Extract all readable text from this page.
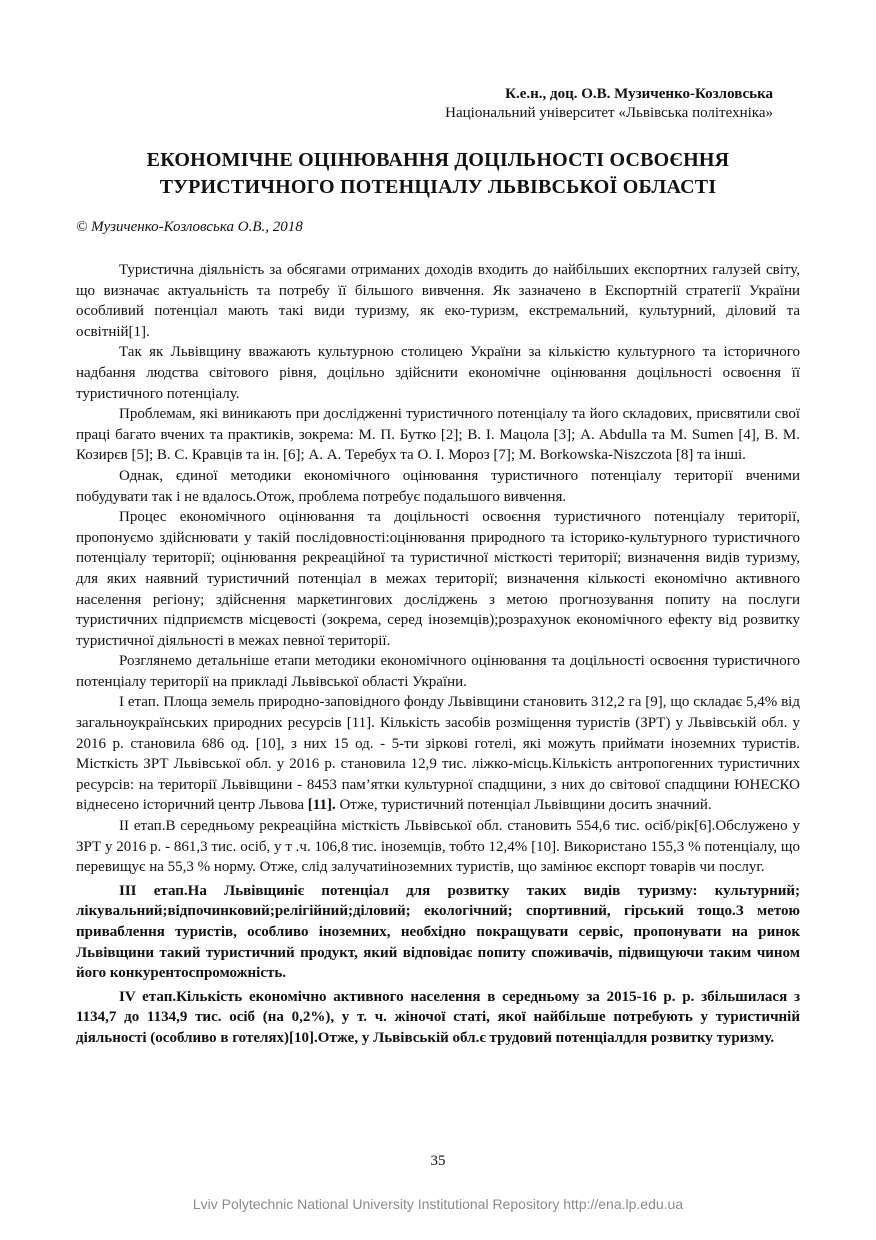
К.е.н., доц. О.В. Музиченко-Козловська
Національний університет «Львівська політехніка»
ЕКОНОМІЧНЕ ОЦІНЮВАННЯ ДОЦІЛЬНОСТІ ОСВОЄННЯ
ТУРИСТИЧНОГО ПОТЕНЦІАЛУ ЛЬВІВСЬКОЇ ОБЛАСТІ
© Музиченко-Козловська О.В., 2018

Туристична діяльність за обсягами отриманих доходів входить до найбільших експортних галузей світу, що визначає актуальність та потребу її більшого вивчення. Як зазначено в Експортній стратегії України особливий потенціал мають такі види туризму, як еко-туризм, екстремальний, культурний, діловий та освітній[1].

Так як Львівщину вважають культурною столицею України за кількістю культурного та історичного надбання людства світового рівня, доцільно здійснити економічне оцінювання доцільності освоєння її туристичного потенціалу.

Проблемам, які виникають при дослідженні туристичного потенціалу та його складових, присвятили свої праці багато вчених та практиків, зокрема: М. П. Бутко [2]; В. І. Мацола [3]; A. Abdulla та M. Sumen [4], В. М. Козирєв [5]; В. С. Кравців та ін. [6]; А. А. Теребух та О. І. Мороз [7]; M. Borkowska-Niszczota [8] та інші.

Однак, єдиної методики економічного оцінювання туристичного потенціалу території вченими побудувати так і не вдалось.Отож, проблема потребує подальшого вивчення.

Процес економічного оцінювання та доцільності освоєння туристичного потенціалу території, пропонуємо здійснювати у такій послідовності:оцінювання природного та історико-культурного туристичного потенціалу території; оцінювання рекреаційної та туристичної місткості території; визначення видів туризму, для яких наявний туристичний потенціал в межах території; визначення кількості економічно активного населення регіону; здійснення маркетингових досліджень з метою прогнозування попиту на послуги туристичних підприємств місцевості (зокрема, серед іноземців);розрахунок економічного ефекту від розвитку туристичної діяльності в межах певної території.

Розглянемо детальніше етапи методики економічного оцінювання та доцільності освоєння туристичного потенціалу території на прикладі Львівської області України.

І етап. Площа земель природно-заповідного фонду Львівщини становить 312,2 га [9], що складає 5,4% від загальноукраїнських природних ресурсів [11]. Кількість засобів розміщення туристів (ЗРТ) у Львівській обл. у 2016 р. становила 686 од. [10], з них 15 од. - 5-ти зіркові готелі, які можуть приймати іноземних туристів. Місткість ЗРТ Львівської обл. у 2016 р. становила 12,9 тис. ліжко-місць.Кількість антропогенних туристичних ресурсів: на території Львівщини - 8453 пам’ятки культурної спадщини, з них до світової спадщини ЮНЕСКО віднесено історичний центр Львова [11]. Отже, туристичний потенціал Львівщини досить значний.

II етап.В середньому рекреаційна місткість Львівської обл. становить 554,6 тис. осіб/рік[6].Обслужено у ЗРТ у 2016 р. - 861,3 тис. осіб, у т .ч. 106,8 тис. іноземців, тобто 12,4% [10]. Використано 155,3 % потенціалу, що перевищує на 55,3 % норму. Отже, слід залучатиіноземних туристів, що замінює експорт товарів чи послуг.

III етап.На Львівщинiє потенціал для розвитку таких видів туризму: культурний; лікувальний;відпочинковий;релігійний;діловий; екологічний; спортивний, гірський тощо.З метою приваблення туристів, особливо іноземних, необхідно покращувати сервіс, пропонувати на ринок Львівщини такий туристичний продукт, який відповідає попиту споживачів, підвищуючи таким чином його конкурентоспроможність.

IV етап.Кількість економічно активного населення в середньому за 2015-16 р. р. збільшилася з 1134,7 до 1134,9 тис. осіб (на 0,2%), у т. ч. жіночої статі, якої найбільше потребують у туристичній діяльності (особливо в готелях)[10].Отже, у Львівській обл.є трудовий потенціалдля розвитку туризму.

35
Lviv Polytechnic National University Institutional Repository http://ena.lp.edu.ua
